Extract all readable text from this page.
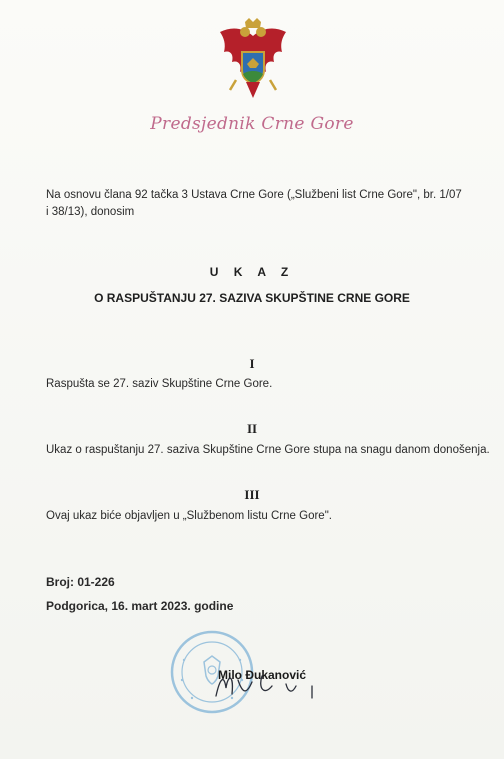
Predsjednik Crne Gore
Na osnovu člana 92 tačka 3 Ustava Crne Gore („Službeni list Crne Gore", br. 1/07 i 38/13), donosim
U K A Z
O RASPUŠTANJU 27. SAZIVA SKUPŠTINE CRNE GORE
I
Raspušta se 27. saziv Skupštine Crne Gore.
II
Ukaz o raspuštanju 27. saziva Skupštine Crne Gore stupa na snagu danom donošenja.
III
Ovaj ukaz biće objavljen u „Službenom listu Crne Gore".
Broj: 01-226
Podgorica, 16. mart 2023. godine
Milo Đukanović
